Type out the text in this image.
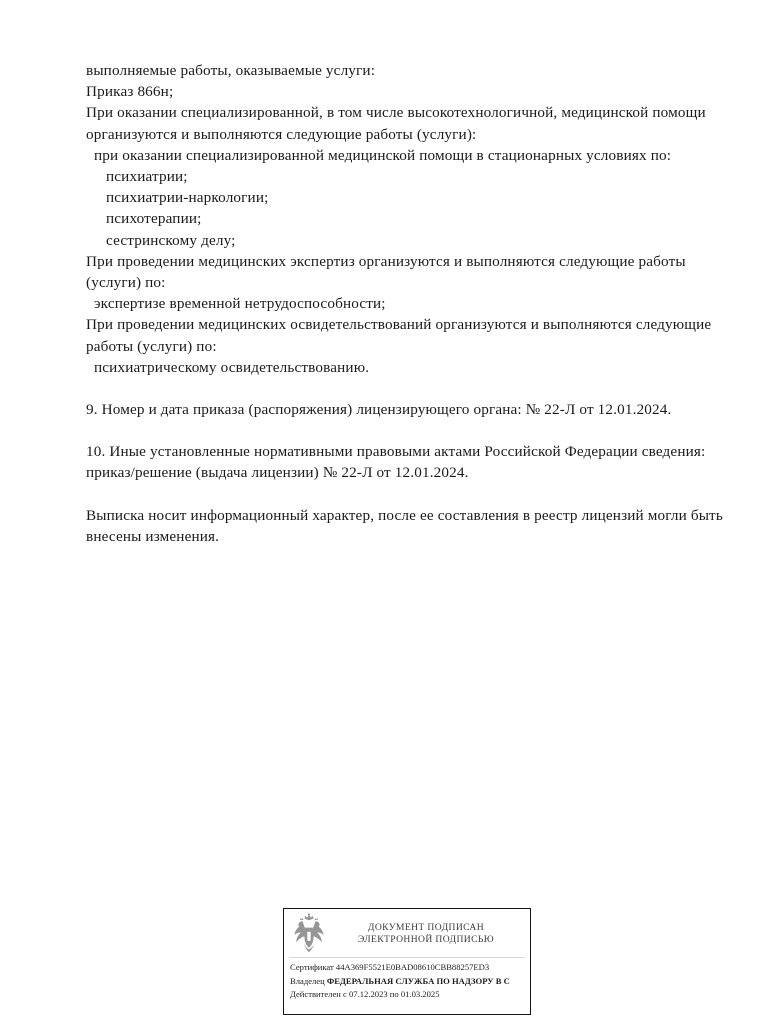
выполняемые работы, оказываемые услуги:
Приказ 866н;
При оказании специализированной, в том числе высокотехнологичной, медицинской помощи
организуются и выполняются следующие работы (услуги):
при оказании специализированной медицинской помощи в стационарных условиях по:
психиатрии;
психиатрии-наркологии;
психотерапии;
сестринскому делу;
При проведении медицинских экспертиз организуются и выполняются следующие работы
(услуги) по:
экспертизе временной нетрудоспособности;
При проведении медицинских освидетельствований организуются и выполняются следующие
работы (услуги) по:
психиатрическому освидетельствованию.
9. Номер и дата приказа (распоряжения) лицензирующего органа: № 22-Л от 12.01.2024.
10. Иные установленные нормативными правовыми актами Российской Федерации сведения:
приказ/решение (выдача лицензии) № 22-Л от 12.01.2024.
Выписка носит информационный характер, после ее составления в реестр лицензий могли быть
внесены изменения.
ДОКУМЕНТ ПОДПИСАН
ЭЛЕКТРОННОЙ ПОДПИСЬЮ
Сертификат 44A369F5521E0BAD08610CBB88257ED3
Владелец ФЕДЕРАЛЬНАЯ СЛУЖБА ПО НАДЗОРУ В С
Действителен с 07.12.2023 по 01.03.2025
